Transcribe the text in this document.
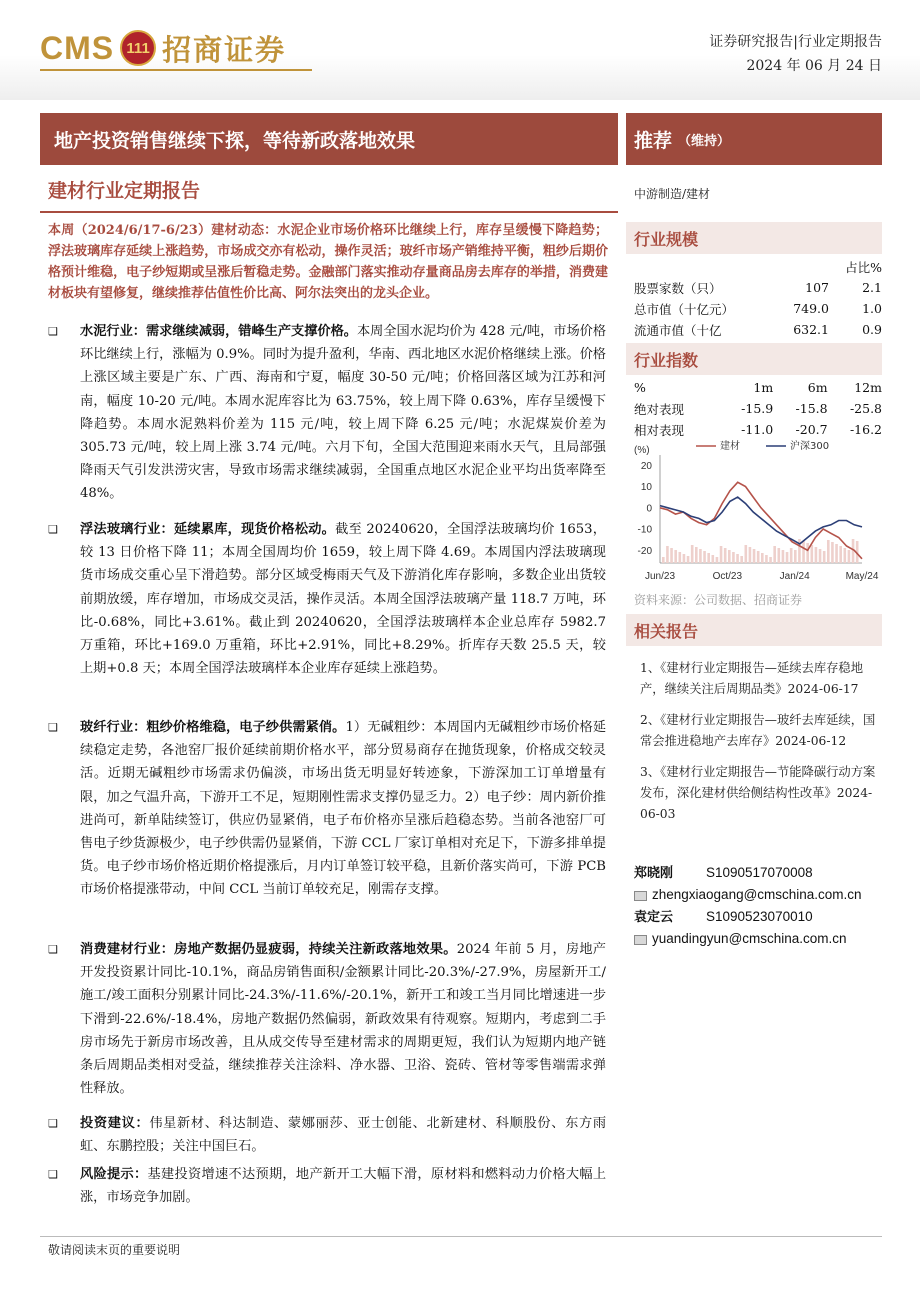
CMS 111 招商证券	证券研究报告|行业定期报告
2024 年 06 月 24 日
地产投资销售继续下探，等待新政落地效果	推荐 （维持）
建材行业定期报告
本周（2024/6/17-6/23）建材动态：水泥企业市场价格环比继续上行，库存呈缓慢下降趋势；浮法玻璃库存延续上涨趋势，市场成交亦有松动，操作灵活；玻纤市场产销维持平衡，粗纱后期价格预计维稳，电子纱短期或呈涨后暂稳走势。金融部门落实推动存量商品房去库存的举措，消费建材板块有望修复，继续推荐估值性价比高、阿尔法突出的龙头企业。
❑ 水泥行业：需求继续减弱，错峰生产支撑价格。本周全国水泥均价为 428 元/吨，市场价格环比继续上行，涨幅为 0.9%。同时为提升盈利，华南、西北地区水泥价格继续上涨。价格上涨区域主要是广东、广西、海南和宁夏，幅度 30-50 元/吨；价格回落区域为江苏和河南，幅度 10-20 元/吨。本周水泥库容比为 63.75%，较上周下降 0.63%，库存呈缓慢下降趋势。本周水泥熟料价差为 115 元/吨，较上周下降 6.25 元/吨；水泥煤炭价差为 305.73 元/吨，较上周上涨 3.74 元/吨。六月下旬，全国大范围迎来雨水天气，且局部强降雨天气引发洪涝灾害，导致市场需求继续减弱，全国重点地区水泥企业平均出货率降至 48%。
❑ 浮法玻璃行业：延续累库，现货价格松动。截至 20240620，全国浮法玻璃均价 1653，较 13 日价格下降 11；本周全国周均价 1659，较上周下降 4.69。本周国内浮法玻璃现货市场成交重心呈下滑趋势。部分区域受梅雨天气及下游消化库存影响，多数企业出货较前期放缓，库存增加，市场成交灵活，操作灵活。本周全国浮法玻璃产量 118.7 万吨，环比-0.68%，同比+3.61%。截止到 20240620，全国浮法玻璃样本企业总库存 5982.7 万重箱，环比+169.0 万重箱，环比+2.91%，同比+8.29%。折库存天数 25.5 天，较上期+0.8 天；本周全国浮法玻璃样本企业库存延续上涨趋势。
❑ 玻纤行业：粗纱价格维稳，电子纱供需紧俏。1）无碱粗纱：本周国内无碱粗纱市场价格延续稳定走势，各池窑厂报价延续前期价格水平，部分贸易商存在抛货现象，价格成交较灵活。近期无碱粗纱市场需求仍偏淡，市场出货无明显好转迹象，下游深加工订单增量有限，加之气温升高，下游开工不足，短期刚性需求支撑仍显乏力。2）电子纱：周内新价推进尚可，新单陆续签订，供应仍显紧俏，电子布价格亦呈涨后趋稳态势。当前各池窑厂可售电子纱货源极少，电子纱供需仍显紧俏，下游 CCL 厂家订单相对充足下，下游多排单提货。电子纱市场价格近期价格提涨后，月内订单签订较平稳，且新价落实尚可，下游 PCB 市场价格提涨带动，中间 CCL 当前订单较充足，刚需存支撑。
❑ 消费建材行业：房地产数据仍显疲弱，持续关注新政落地效果。2024 年前 5 月，房地产开发投资累计同比-10.1%，商品房销售面积/金额累计同比-20.3%/-27.9%，房屋新开工/施工/竣工面积分别累计同比-24.3%/-11.6%/-20.1%，新开工和竣工当月同比增速进一步下滑到-22.6%/-18.4%，房地产数据仍然偏弱，新政效果有待观察。短期内，考虑到二手房市场先于新房市场改善，且从成交传导至建材需求的周期更短，我们认为短期内地产链条后周期品类相对受益，继续推荐关注涂料、净水器、卫浴、瓷砖、管材等零售端需求弹性释放。
❑ 投资建议：伟星新材、科达制造、蒙娜丽莎、亚士创能、北新建材、科顺股份、东方雨虹、东鹏控股；关注中国巨石。
❑ 风险提示：基建投资增速不达预期，地产新开工大幅下滑，原材料和燃料动力价格大幅上涨，市场竞争加剧。
中游制造/建材
行业规模
		占比%
股票家数（只）	107	2.1
总市值（十亿元）	749.0	1.0
流通市值（十亿	632.1	0.9
行业指数
%	1m	6m	12m
绝对表现	-15.9	-15.8	-25.8
相对表现	-11.0	-20.7	-16.2
(%)	建材	沪深300
20
10
0
-10
-20
Jun/23	Oct/23	Jan/24	May/24
资料来源：公司数据、招商证券
相关报告
1、《建材行业定期报告—延续去库存稳地产，继续关注后周期品类》2024-06-17
2、《建材行业定期报告—玻纤去库延续，国常会推进稳地产去库存》2024-06-12
3、《建材行业定期报告—节能降碳行动方案发布，深化建材供给侧结构性改革》2024-06-03
郑晓刚 S1090517070008
zhengxiaogang@cmschina.com.cn
袁定云 S1090523070010
yuandingyun@cmschina.com.cn
敬请阅读末页的重要说明
